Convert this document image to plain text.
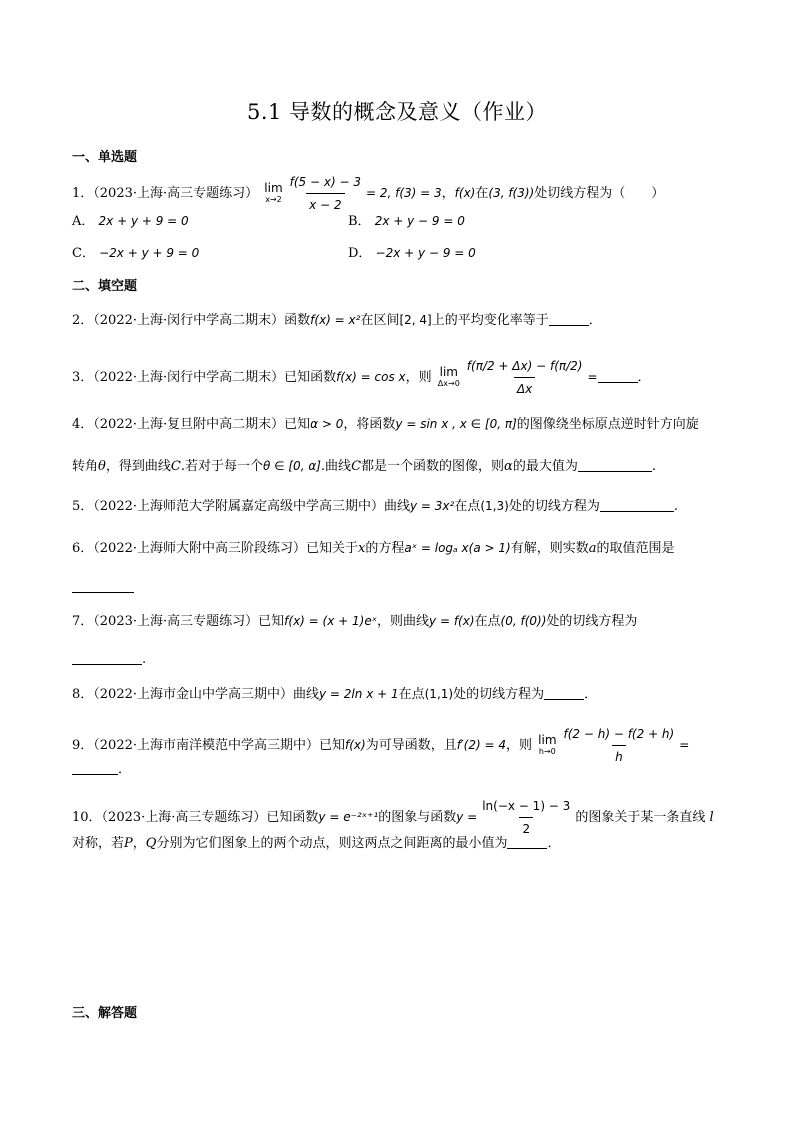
5.1 导数的概念及意义（作业）
一、单选题
1．（2023·上海·高三专题练习） lim
$x\to 2 \frac{f(5 - x) - 3}{x - 2} = 2$, f(3) = 3，f(x)在(3, f(3))处切线方程为（　　）
A． 2x + y + 9 = 0	B． 2x + y − 9 = 0
C． −2x + y + 9 = 0	D． −2x + y − 9 = 0
二、填空题
2．（2022·上海·闵行中学高二期末）函数f(x) = x²在区间[2, 4]上的平均变化率等于	．
3．（2022·上海·闵行中学高二期末）已知函数f(x) = cos x，则 lim
$\Delta x\to 0 \frac{f(\pi/2 + \Delta x) - f(\pi/2)}{\Delta x}$ =	．
4．（2022·上海·复旦附中高二期末）已知α > 0，将函数y = sin x , x ∈ [0, π]的图像绕坐标原点逆时针方向旋
转角θ，得到曲线C.若对于每一个θ ∈ [0, α].曲线C都是一个函数的图像，则α的最大值为	.
5．（2022·上海师范大学附属嘉定高级中学高三期中）曲线y = 3x²在点(1,3)处的切线方程为	.
6．（2022·上海师大附中高三阶段练习）已知关于x的方程aˣ = logₐ x(a > 1)有解，则实数a的取值范围是
7．（2023·上海·高三专题练习）已知f(x) = (x + 1)eˣ，则曲线y = f(x)在点(0, f(0))处的切线方程为
.
8．（2022·上海市金山中学高三期中）曲线y = 2ln x + 1在点(1,1)处的切线方程为	．
9．（2022·上海市南洋模范中学高三期中）已知f(x)为可导函数，且f′(2) = 4，则 lim
$h\to 0 \frac{f(2 - h) - f(2 + h)}{h}$ =
．
10．（2023·上海·高三专题练习）已知函数y = e⁻²ˣ⁺¹的图象与函数$y = \frac{\ln(-x - 1) - 3}{2}$ 的图象关于某一条直线 l
对称，若P，Q分别为它们图象上的两个动点，则这两点之间距离的最小值为	．
三、解答题
